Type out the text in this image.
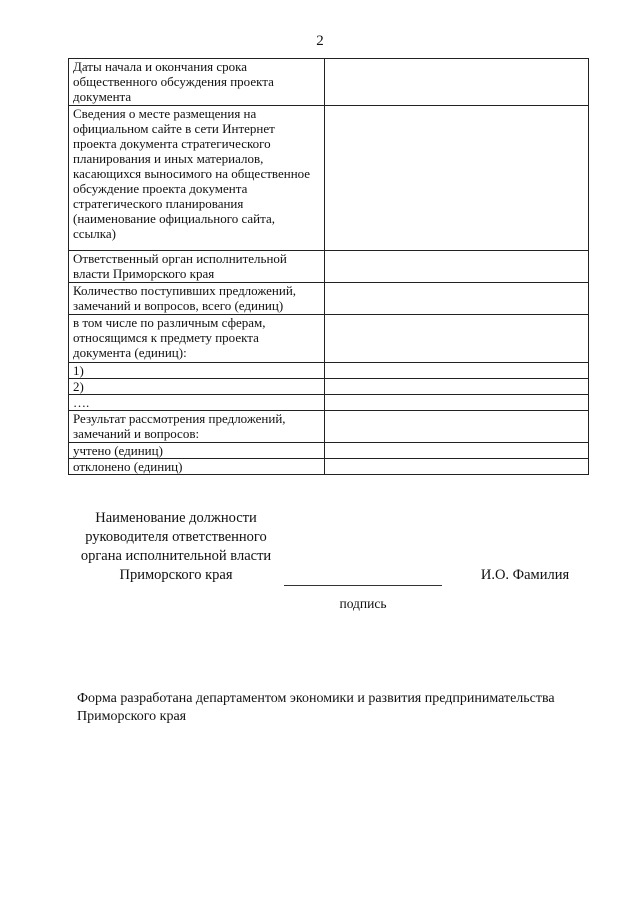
2
Даты начала и окончания срока общественного обсуждения проекта документа	
Сведения о месте размещения на официальном сайте в сети Интернет проекта документа стратегического планирования и иных материалов, касающихся выносимого на общественное обсуждение проекта документа стратегического планирования (наименование официального сайта, ссылка)	
Ответственный орган исполнительной власти Приморского края	
Количество поступивших предложений, замечаний и вопросов, всего (единиц)	
в том числе по различным сферам, относящимся к предмету проекта документа (единиц):	
1)	
2)	
….	
Результат рассмотрения предложений, замечаний и вопросов:	
учтено (единиц)	
отклонено (единиц)	
Наименование должности
руководителя ответственного
органа исполнительной власти
Приморского края	И.О. Фамилия
подпись
Форма разработана департаментом экономики и развития предпринимательства Приморского края
